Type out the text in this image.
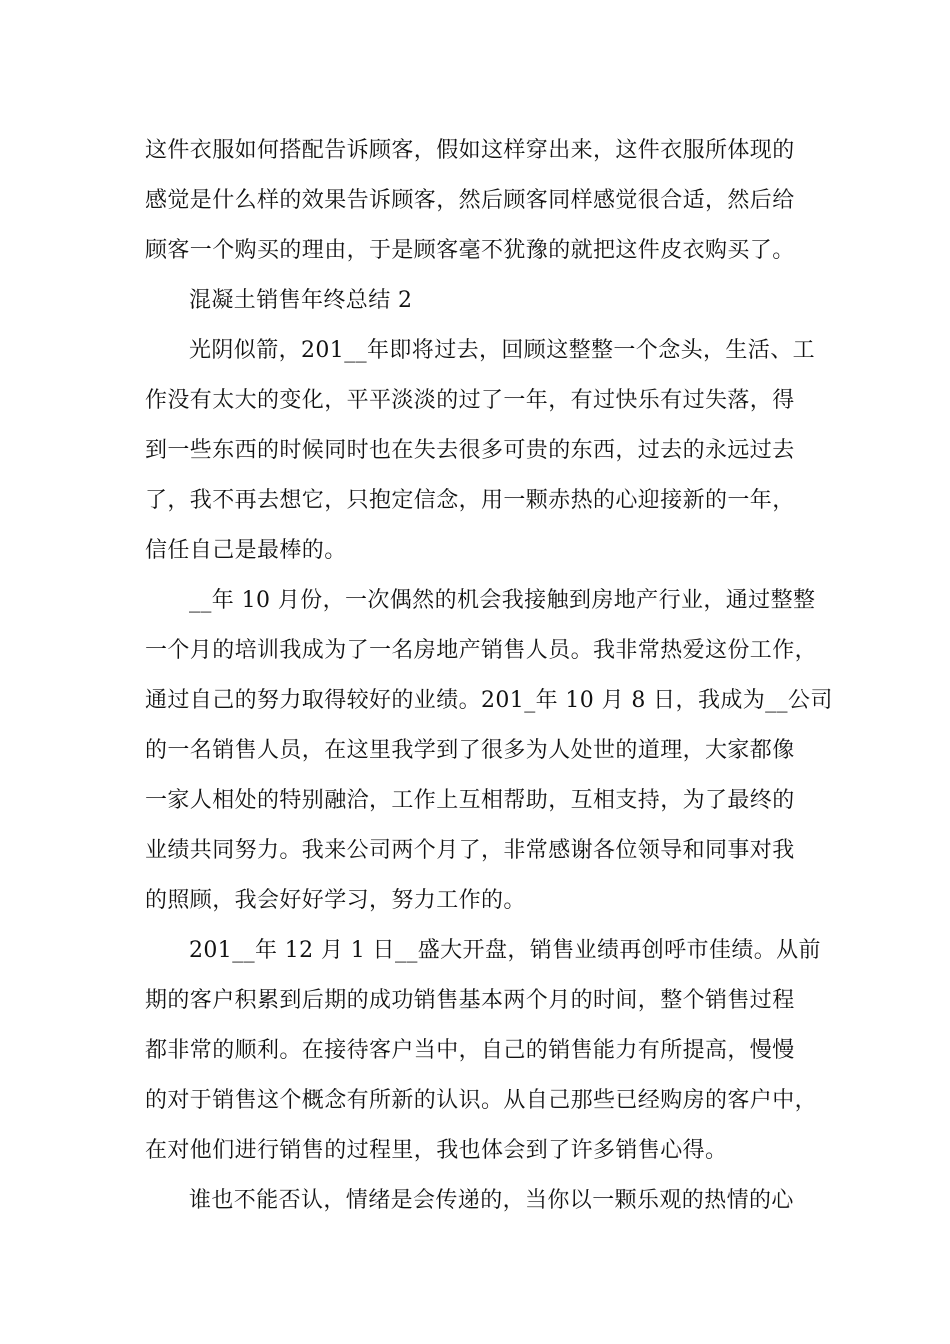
这件衣服如何搭配告诉顾客，假如这样穿出来，这件衣服所体现的
感觉是什么样的效果告诉顾客，然后顾客同样感觉很合适，然后给
顾客一个购买的理由，于是顾客毫不犹豫的就把这件皮衣购买了。
混凝土销售年终总结 2
光阴似箭，201__年即将过去，回顾这整整一个念头，生活、工
作没有太大的变化，平平淡淡的过了一年，有过快乐有过失落，得
到一些东西的时候同时也在失去很多可贵的东西，过去的永远过去
了，我不再去想它，只抱定信念，用一颗赤热的心迎接新的一年，
信任自己是最棒的。
__年 10 月份，一次偶然的机会我接触到房地产行业，通过整整
一个月的培训我成为了一名房地产销售人员。我非常热爱这份工作，
通过自己的努力取得较好的业绩。201_年 10 月 8 日，我成为__公司
的一名销售人员，在这里我学到了很多为人处世的道理，大家都像
一家人相处的特别融洽，工作上互相帮助，互相支持，为了最终的
业绩共同努力。我来公司两个月了，非常感谢各位领导和同事对我
的照顾，我会好好学习，努力工作的。
201__年 12 月 1 日__盛大开盘，销售业绩再创呼市佳绩。从前
期的客户积累到后期的成功销售基本两个月的时间，整个销售过程
都非常的顺利。在接待客户当中，自己的销售能力有所提高，慢慢
的对于销售这个概念有所新的认识。从自己那些已经购房的客户中，
在对他们进行销售的过程里，我也体会到了许多销售心得。
谁也不能否认，情绪是会传递的，当你以一颗乐观的热情的心
